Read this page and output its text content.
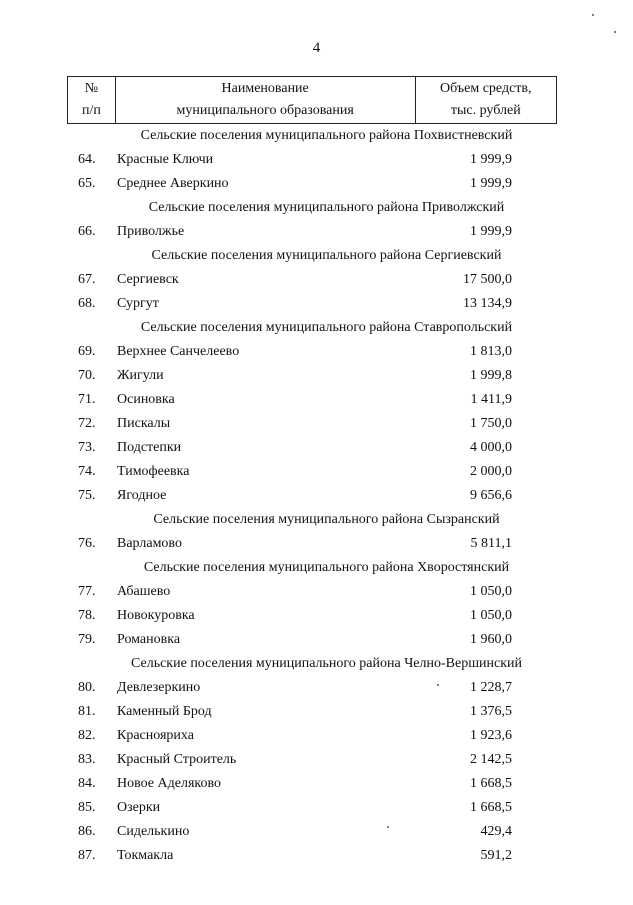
4
№
п/п

Наименование
муниципального образования

Объем средств,
тыс. рублей
Сельские поселения муниципального района Похвистневский
64. Красные Ключи	1 999,9
65. Среднее Аверкино	1 999,9
Сельские поселения муниципального района Приволжский
66. Приволжье	1 999,9
Сельские поселения муниципального района Сергиевский
67. Сергиевск	17 500,0
68. Сургут	13 134,9
Сельские поселения муниципального района Ставропольский
69. Верхнее Санчелеево	1 813,0
70. Жигули	1 999,8
71. Осиновка	1 411,9
72. Пискалы	1 750,0
73. Подстепки	4 000,0
74. Тимофеевка	2 000,0
75. Ягодное	9 656,6
Сельские поселения муниципального района Сызранский
76. Варламово	5 811,1
Сельские поселения муниципального района Хворостянский
77. Абашево	1 050,0
78. Новокуровка	1 050,0
79. Романовка	1 960,0
Сельские поселения муниципального района Челно-Вершинский
80. Девлезеркино	1 228,7
81. Каменный Брод	1 376,5
82. Краснояриха	1 923,6
83. Красный Строитель	2 142,5
84. Новое Аделяково	1 668,5
85. Озерки	1 668,5
86. Сиделькино	429,4
87. Токмакла	591,2
